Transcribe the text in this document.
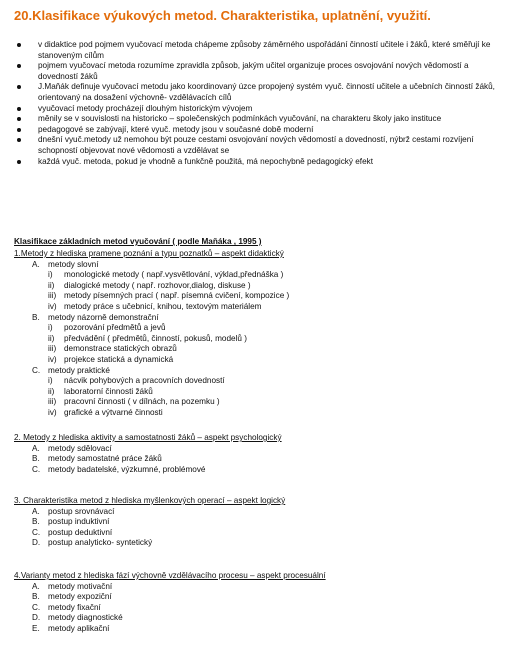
20.Klasifikace výukových metod. Charakteristika, uplatnění, využití.
v didaktice pod pojmem vyučovací metoda chápeme způsoby záměrného uspořádání činností učitele i žáků, které směřují ke stanoveným cílům
pojmem vyučovací metoda rozumíme zpravidla způsob, jakým učitel organizuje proces osvojování nových vědomostí a dovedností žáků
J.Maňák definuje vyučovací metodu jako koordinovaný úzce propojený systém vyuč. činností učitele a učebních činností žáků, orientovaný na dosažení výchovně- vzdělávacích cílů
vyučovací metody procházejí dlouhým historickým vývojem
měnily se v souvislosti na historicko – společenských podmínkách vyučování, na charakteru školy jako instituce
pedagogové se zabývají, které vyuč. metody jsou v současné době moderní
dnešní vyuč.metody už nemohou být pouze cestami osvojování nových vědomostí a dovedností, nýbrž cestami rozvíjení schopností objevovat nové vědomosti a vzdělávat se
každá vyuč. metoda, pokud je vhodně a funkčně použitá, má nepochybně pedagogický efekt
Klasifikace základních metod vyučování ( podle Maňáka , 1995 )
1.Metody z hlediska pramene poznání a typu poznatků – aspekt didaktický
A. metody slovní
i) monologické metody ( např.vysvětlování, výklad,přednáška )
ii) dialogické metody ( např. rozhovor,dialog, diskuse )
iii) metody písemných prací ( např. písemná cvičení, kompozice )
iv) metody práce s učebnicí, knihou, textovým materiálem
B. metody názorně demonstrační
i) pozorování předmětů a jevů
ii) předvádění ( předmětů, činností, pokusů, modelů )
iii) demonstrace statických obrazů
iv) projekce statická a dynamická
C. metody praktické
i) nácvik pohybových a pracovních dovedností
ii) laboratorní činnosti žáků
iii) pracovní činnosti ( v dílnách, na pozemku )
iv) grafické a výtvarné činnosti
2. Metody z hlediska aktivity a samostatnosti žáků – aspekt psychologický
A. metody sdělovací
B. metody samostatné práce žáků
C. metody badatelské, výzkumné, problémové
3. Charakteristika metod z hlediska myšlenkových operací – aspekt logický
A. postup srovnávací
B. postup induktivní
C. postup deduktivní
D. postup analyticko- syntetický
4.Varianty metod z hlediska fází výchovně vzdělávacího procesu – aspekt procesuální
A. metody motivační
B. metody expoziční
C. metody fixační
D. metody diagnostické
E. metody aplikační
